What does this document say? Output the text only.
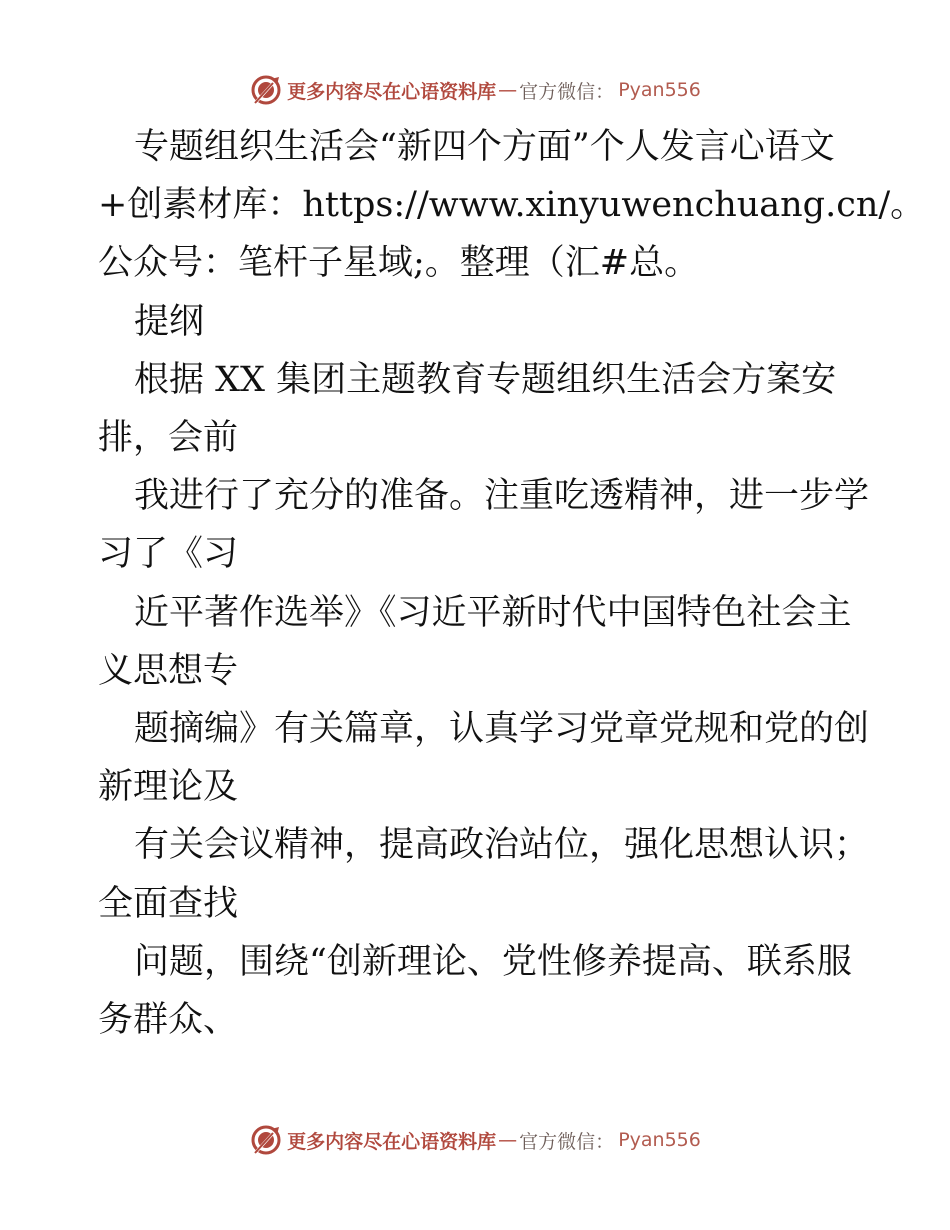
更多内容尽在心语资料库 — 官方微信： Pyan556
专题组织生活会“新四个方面”个人发言心语文
+创素材库：https://www.xinyuwenchuang.cn/。
公众号：笔杆子星域;。整理（汇#总。
提纲
根据 XX 集团主题教育专题组织生活会方案安
排，会前
我进行了充分的准备。注重吃透精神，进一步学
习了《习
近平著作选举》《习近平新时代中国特色社会主
义思想专
题摘编》有关篇章，认真学习党章党规和党的创
新理论及
有关会议精神，提高政治站位，强化思想认识；
全面查找
问题，围绕“创新理论、党性修养提高、联系服
务群众、
更多内容尽在心语资料库 — 官方微信： Pyan556
